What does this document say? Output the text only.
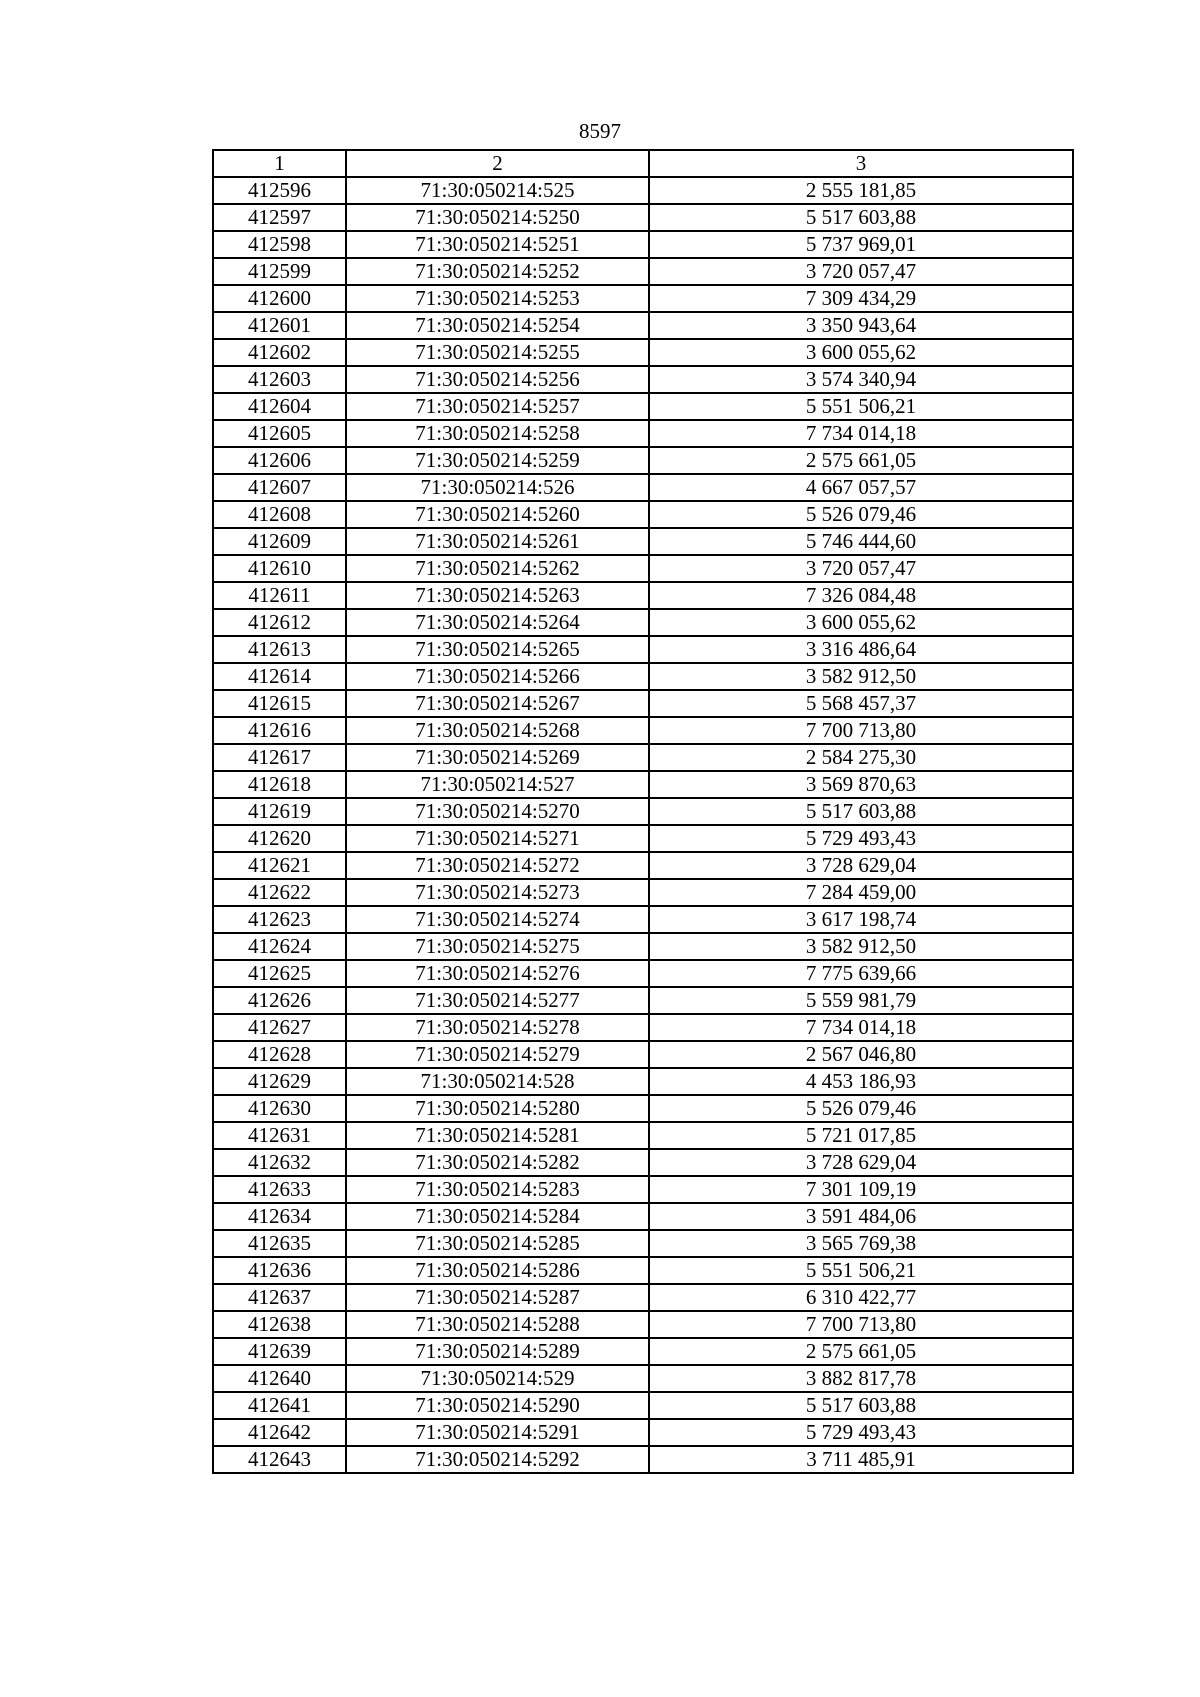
8597
1	2	3
412596	71:30:050214:525	2 555 181,85
412597	71:30:050214:5250	5 517 603,88
412598	71:30:050214:5251	5 737 969,01
412599	71:30:050214:5252	3 720 057,47
412600	71:30:050214:5253	7 309 434,29
412601	71:30:050214:5254	3 350 943,64
412602	71:30:050214:5255	3 600 055,62
412603	71:30:050214:5256	3 574 340,94
412604	71:30:050214:5257	5 551 506,21
412605	71:30:050214:5258	7 734 014,18
412606	71:30:050214:5259	2 575 661,05
412607	71:30:050214:526	4 667 057,57
412608	71:30:050214:5260	5 526 079,46
412609	71:30:050214:5261	5 746 444,60
412610	71:30:050214:5262	3 720 057,47
412611	71:30:050214:5263	7 326 084,48
412612	71:30:050214:5264	3 600 055,62
412613	71:30:050214:5265	3 316 486,64
412614	71:30:050214:5266	3 582 912,50
412615	71:30:050214:5267	5 568 457,37
412616	71:30:050214:5268	7 700 713,80
412617	71:30:050214:5269	2 584 275,30
412618	71:30:050214:527	3 569 870,63
412619	71:30:050214:5270	5 517 603,88
412620	71:30:050214:5271	5 729 493,43
412621	71:30:050214:5272	3 728 629,04
412622	71:30:050214:5273	7 284 459,00
412623	71:30:050214:5274	3 617 198,74
412624	71:30:050214:5275	3 582 912,50
412625	71:30:050214:5276	7 775 639,66
412626	71:30:050214:5277	5 559 981,79
412627	71:30:050214:5278	7 734 014,18
412628	71:30:050214:5279	2 567 046,80
412629	71:30:050214:528	4 453 186,93
412630	71:30:050214:5280	5 526 079,46
412631	71:30:050214:5281	5 721 017,85
412632	71:30:050214:5282	3 728 629,04
412633	71:30:050214:5283	7 301 109,19
412634	71:30:050214:5284	3 591 484,06
412635	71:30:050214:5285	3 565 769,38
412636	71:30:050214:5286	5 551 506,21
412637	71:30:050214:5287	6 310 422,77
412638	71:30:050214:5288	7 700 713,80
412639	71:30:050214:5289	2 575 661,05
412640	71:30:050214:529	3 882 817,78
412641	71:30:050214:5290	5 517 603,88
412642	71:30:050214:5291	5 729 493,43
412643	71:30:050214:5292	3 711 485,91
